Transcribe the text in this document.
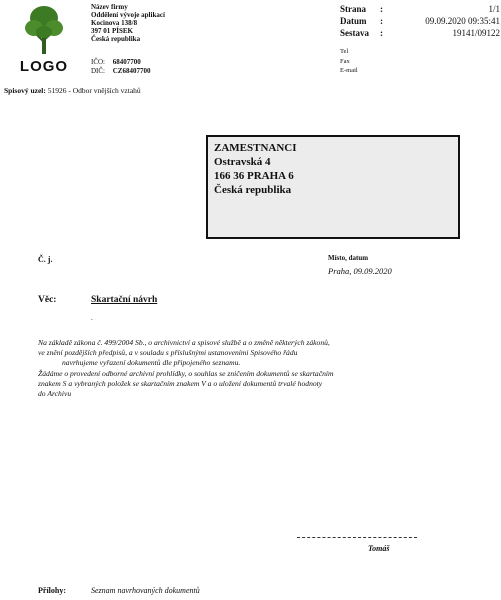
LOGO
Název firmy
Oddělení vývoje aplikací
Kocinova 138/8
397 01 PÍSEK
Česká republika
IČO: 68407700
DIČ: CZ68407700
Strana :	1/1
Datum :	09.09.2020 09:35:41
Sestava :	19141/09122
Tel
Fax
E-mail
Spisový uzel: 51926 - Odbor vnějších vztahů
ZAMESTNANCI
Ostravská 4
166 36 PRAHA 6
Česká republika
Č. j.	Místo, datum
Praha, 09.09.2020
Věc:	Skartační návrh
.
Na základě zákona č. 499/2004 Sb., o archivnictví a spisové službě a o změně některých zákonů,
ve znění pozdějších předpisů, a v souladu s příslušnými ustanoveními Spisového řádu
navrhujeme vyřazení dokumentů dle připojeného seznamu.
Žádáme o provedení odborné archivní prohlídky, o souhlas se zničením dokumentů se skartačním
znakem S a vybraných položek se skartačním znakem V a o uložení dokumentů trvalé hodnoty
do Archivu
Tomáš
Přílohy:	Seznam navrhovaných dokumentů
